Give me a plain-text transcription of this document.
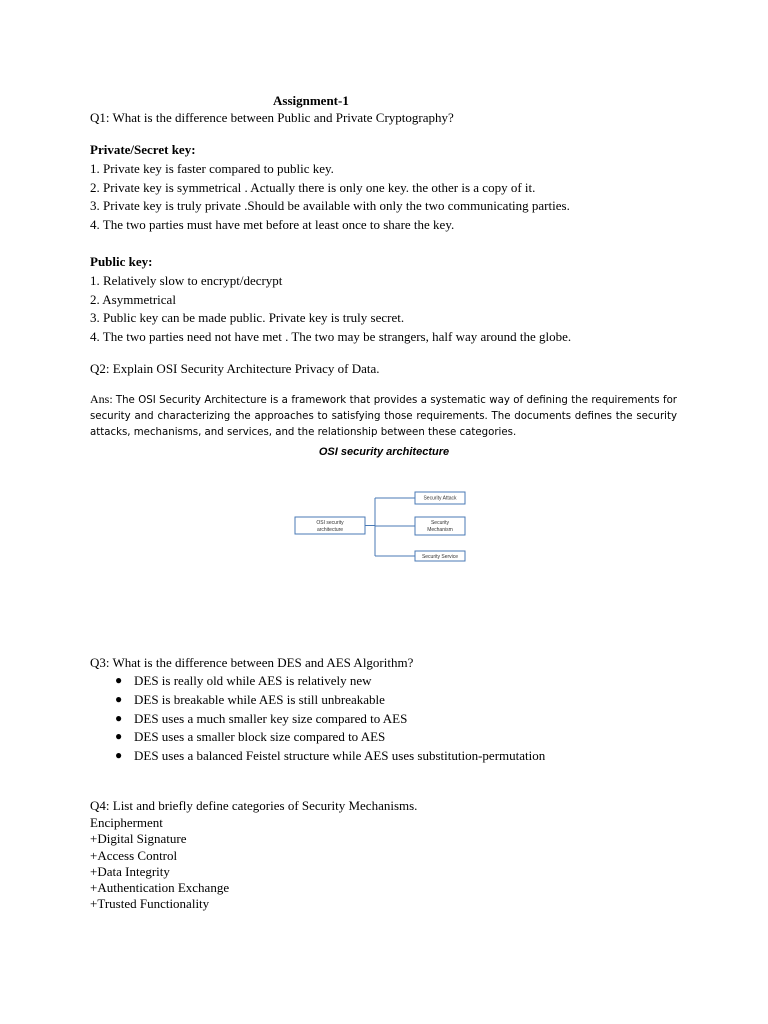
Assignment-1
Q1: What is the difference between Public and Private Cryptography?
Private/Secret key:
1. Private key is faster compared to public key.
2. Private key is symmetrical . Actually there is only one key. the other is a copy of it.
3. Private key is truly private .Should be available with only the two communicating parties.
4. The two parties must have met before at least once to share the key.
Public key:
1. Relatively slow to encrypt/decrypt
2. Asymmetrical
3. Public key can be made public. Private key is truly secret.
4. The two parties need not have met . The two may be strangers, half way around the globe.
Q2: Explain OSI Security Architecture Privacy of Data.
Ans: The OSI Security Architecture is a framework that provides a systematic way of defining the requirements for security and characterizing the approaches to satisfying those requirements. The documents defines the security attacks, mechanisms, and services, and the relationship between these categories.
OSI security architecture
OSI security
architecture
Security Attack
Security
Mechanism
Security Service
Q3: What is the difference between DES and AES Algorithm?
● DES is really old while AES is relatively new
● DES is breakable while AES is still unbreakable
● DES uses a much smaller key size compared to AES
● DES uses a smaller block size compared to AES
● DES uses a balanced Feistel structure while AES uses substitution-permutation
Q4: List and briefly define categories of Security Mechanisms.
Encipherment
+Digital Signature
+Access Control
+Data Integrity
+Authentication Exchange
+Trusted Functionality
